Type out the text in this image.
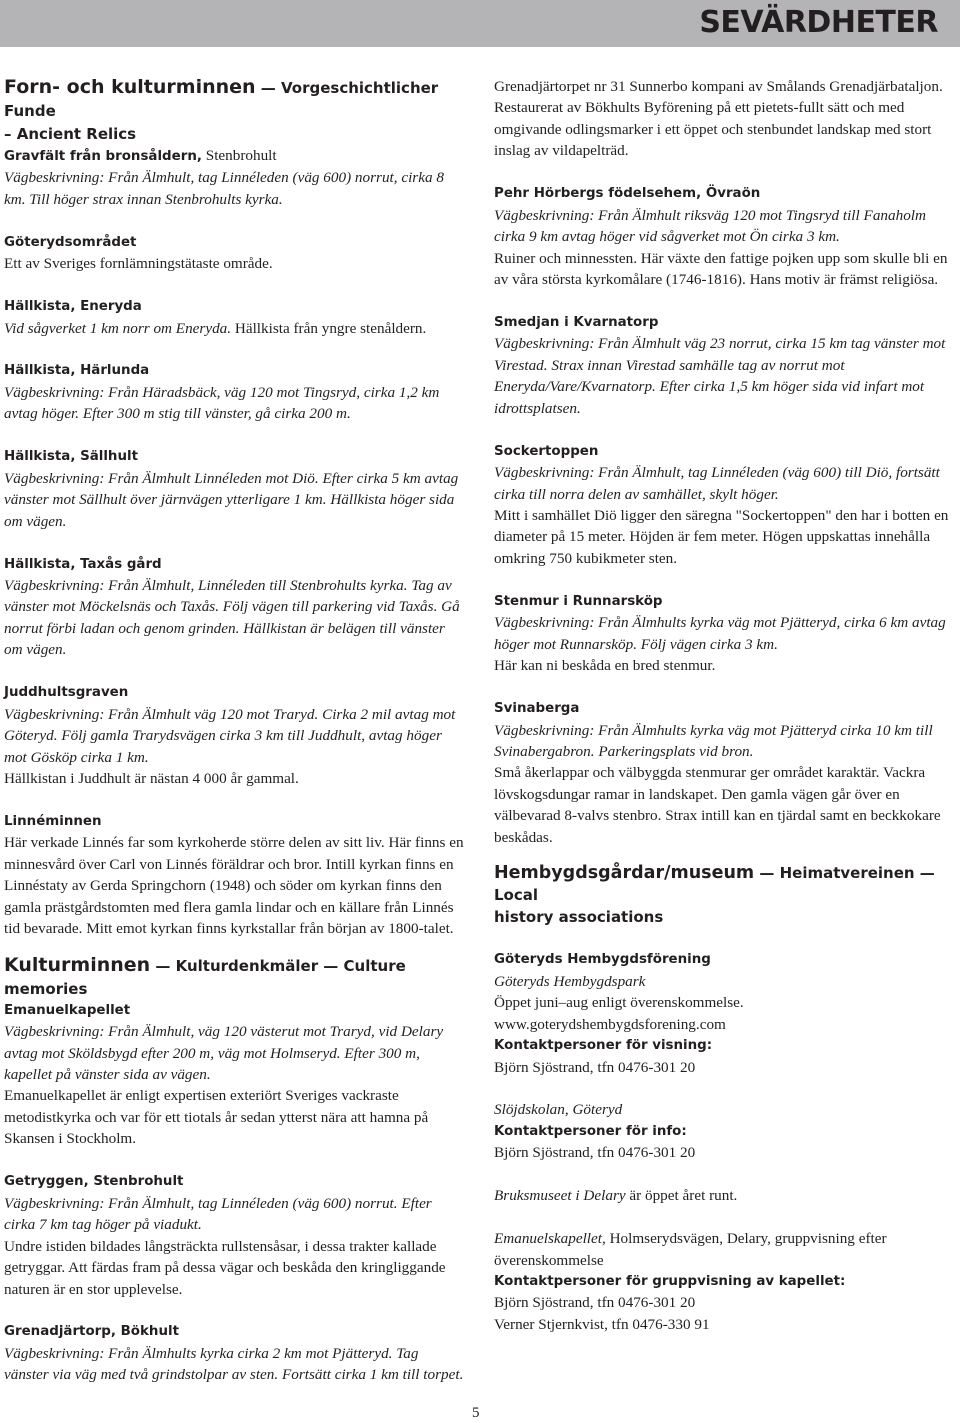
SEVÄRDHETER
Forn- och kulturminnen — Vorgeschichtlicher Funde
– Ancient Relics

Gravfält från bronsåldern, Stenbrohult

Vägbeskrivning: Från Älmhult, tag Linnéleden (väg 600) norrut, cirka 8 km. Till höger strax innan Stenbrohults kyrka.

Göterydsområdet

Ett av Sveriges fornlämningstätaste område.

Hällkista, Eneryda

Vid sågverket 1 km norr om Eneryda. Hällkista från yngre stenåldern.

Hällkista, Härlunda

Vägbeskrivning: Från Häradsbäck, väg 120 mot Tingsryd, cirka 1,2 km avtag höger. Efter 300 m stig till vänster, gå cirka 200 m.

Hällkista, Sällhult

Vägbeskrivning: Från Älmhult Linnéleden mot Diö. Efter cirka 5 km avtag vänster mot Sällhult över järnvägen ytterligare 1 km. Hällkista höger sida om vägen.

Hällkista, Taxås gård

Vägbeskrivning: Från Älmhult, Linnéleden till Stenbrohults kyrka. Tag av vänster mot Möckelsnäs och Taxås. Följ vägen till parkering vid Taxås. Gå norrut förbi ladan och genom grinden. Hällkistan är belägen till vänster om vägen.

Juddhultsgraven

Vägbeskrivning: Från Älmhult väg 120 mot Traryd. Cirka 2 mil avtag mot Göteryd. Följ gamla Trarydsvägen cirka 3 km till Juddhult, avtag höger mot Gösköp cirka 1 km.

Hällkistan i Juddhult är nästan 4 000 år gammal.

Linnéminnen

Här verkade Linnés far som kyrkoherde större delen av sitt liv. Här finns en minnesvård över Carl von Linnés föräldrar och bror. Intill kyrkan finns en Linnéstaty av Gerda Springchorn (1948) och söder om kyrkan finns den gamla prästgårdstomten med flera gamla lindar och en källare från Linnés tid bevarade. Mitt emot kyrkan finns kyrkstallar från början av 1800-talet.

Kulturminnen — Kulturdenkmäler — Culture memories

Emanuelkapellet

Vägbeskrivning: Från Älmhult, väg 120 västerut mot Traryd, vid Delary avtag mot Sköldsbygd efter 200 m, väg mot Holmseryd. Efter 300 m, kapellet på vänster sida av vägen.

Emanuelkapellet är enligt expertisen exteriört Sveriges vackraste metodistkyrka och var för ett tiotals år sedan ytterst nära att hamna på Skansen i Stockholm.

Getryggen, Stenbrohult

Vägbeskrivning: Från Älmhult, tag Linnéleden (väg 600) norrut. Efter cirka 7 km tag höger på viadukt.

Undre istiden bildades långsträckta rullstensåsar, i dessa trakter kallade getryggar. Att färdas fram på dessa vägar och beskåda den kringliggande naturen är en stor upplevelse.

Grenadjärtorp, Bökhult

Vägbeskrivning: Från Älmhults kyrka cirka 2 km mot Pjätteryd. Tag vänster via väg med två grindstolpar av sten. Fortsätt cirka 1 km till torpet.

Grenadjärtorpet nr 31 Sunnerbo kompani av Smålands Grenadjärbataljon. Restaurerat av Bökhults Byförening på ett pietets-fullt sätt och med omgivande odlingsmarker i ett öppet och stenbundet landskap med stort inslag av vildapelträd.

Pehr Hörbergs födelsehem, Övraön

Vägbeskrivning: Från Älmhult riksväg 120 mot Tingsryd till Fanaholm cirka 9 km avtag höger vid sågverket mot Ön cirka 3 km.

Ruiner och minnessten. Här växte den fattige pojken upp som skulle bli en av våra största kyrkomålare (1746-1816). Hans motiv är främst religiösa.

Smedjan i Kvarnatorp

Vägbeskrivning: Från Älmhult väg 23 norrut, cirka 15 km tag vänster mot Virestad. Strax innan Virestad samhälle tag av norrut mot Eneryda/Vare/Kvarnatorp. Efter cirka 1,5 km höger sida vid infart mot idrottsplatsen.

Sockertoppen

Vägbeskrivning: Från Älmhult, tag Linnéleden (väg 600) till Diö, fortsätt cirka till norra delen av samhället, skylt höger.

Mitt i samhället Diö ligger den säregna "Sockertoppen" den har i botten en diameter på 15 meter. Höjden är fem meter. Högen uppskattas innehålla omkring 750 kubikmeter sten.

Stenmur i Runnarsköp

Vägbeskrivning: Från Älmhults kyrka väg mot Pjätteryd, cirka 6 km avtag höger mot Runnarsköp. Följ vägen cirka 3 km.

Här kan ni beskåda en bred stenmur.

Svinaberga

Vägbeskrivning: Från Älmhults kyrka väg mot Pjätteryd cirka 10 km till Svinabergabron. Parkeringsplats vid bron.

Små åkerlappar och välbyggda stenmurar ger området karaktär. Vackra lövskogsdungar ramar in landskapet. Den gamla vägen går över en välbevarad 8-valvs stenbro. Strax intill kan en tjärdal samt en beckkokare beskådas.

Hembygdsgårdar/museum — Heimatvereinen — Local
history associations

Göteryds Hembygdsförening

Göteryds Hembygdspark

Öppet juni–aug enligt överenskommelse.

www.goterydshembygdsforening.com

Kontaktpersoner för visning:

Björn Sjöstrand, tfn 0476-301 20

Slöjdskolan, Göteryd

Kontaktpersoner för info:

Björn Sjöstrand, tfn 0476-301 20

Bruksmuseet i Delary är öppet året runt.

Emanuelskapellet, Holmserydsvägen, Delary, gruppvisning efter överenskommelse

Kontaktpersoner för gruppvisning av kapellet:

Björn Sjöstrand, tfn 0476-301 20

Verner Stjernkvist, tfn 0476-330 91

5
